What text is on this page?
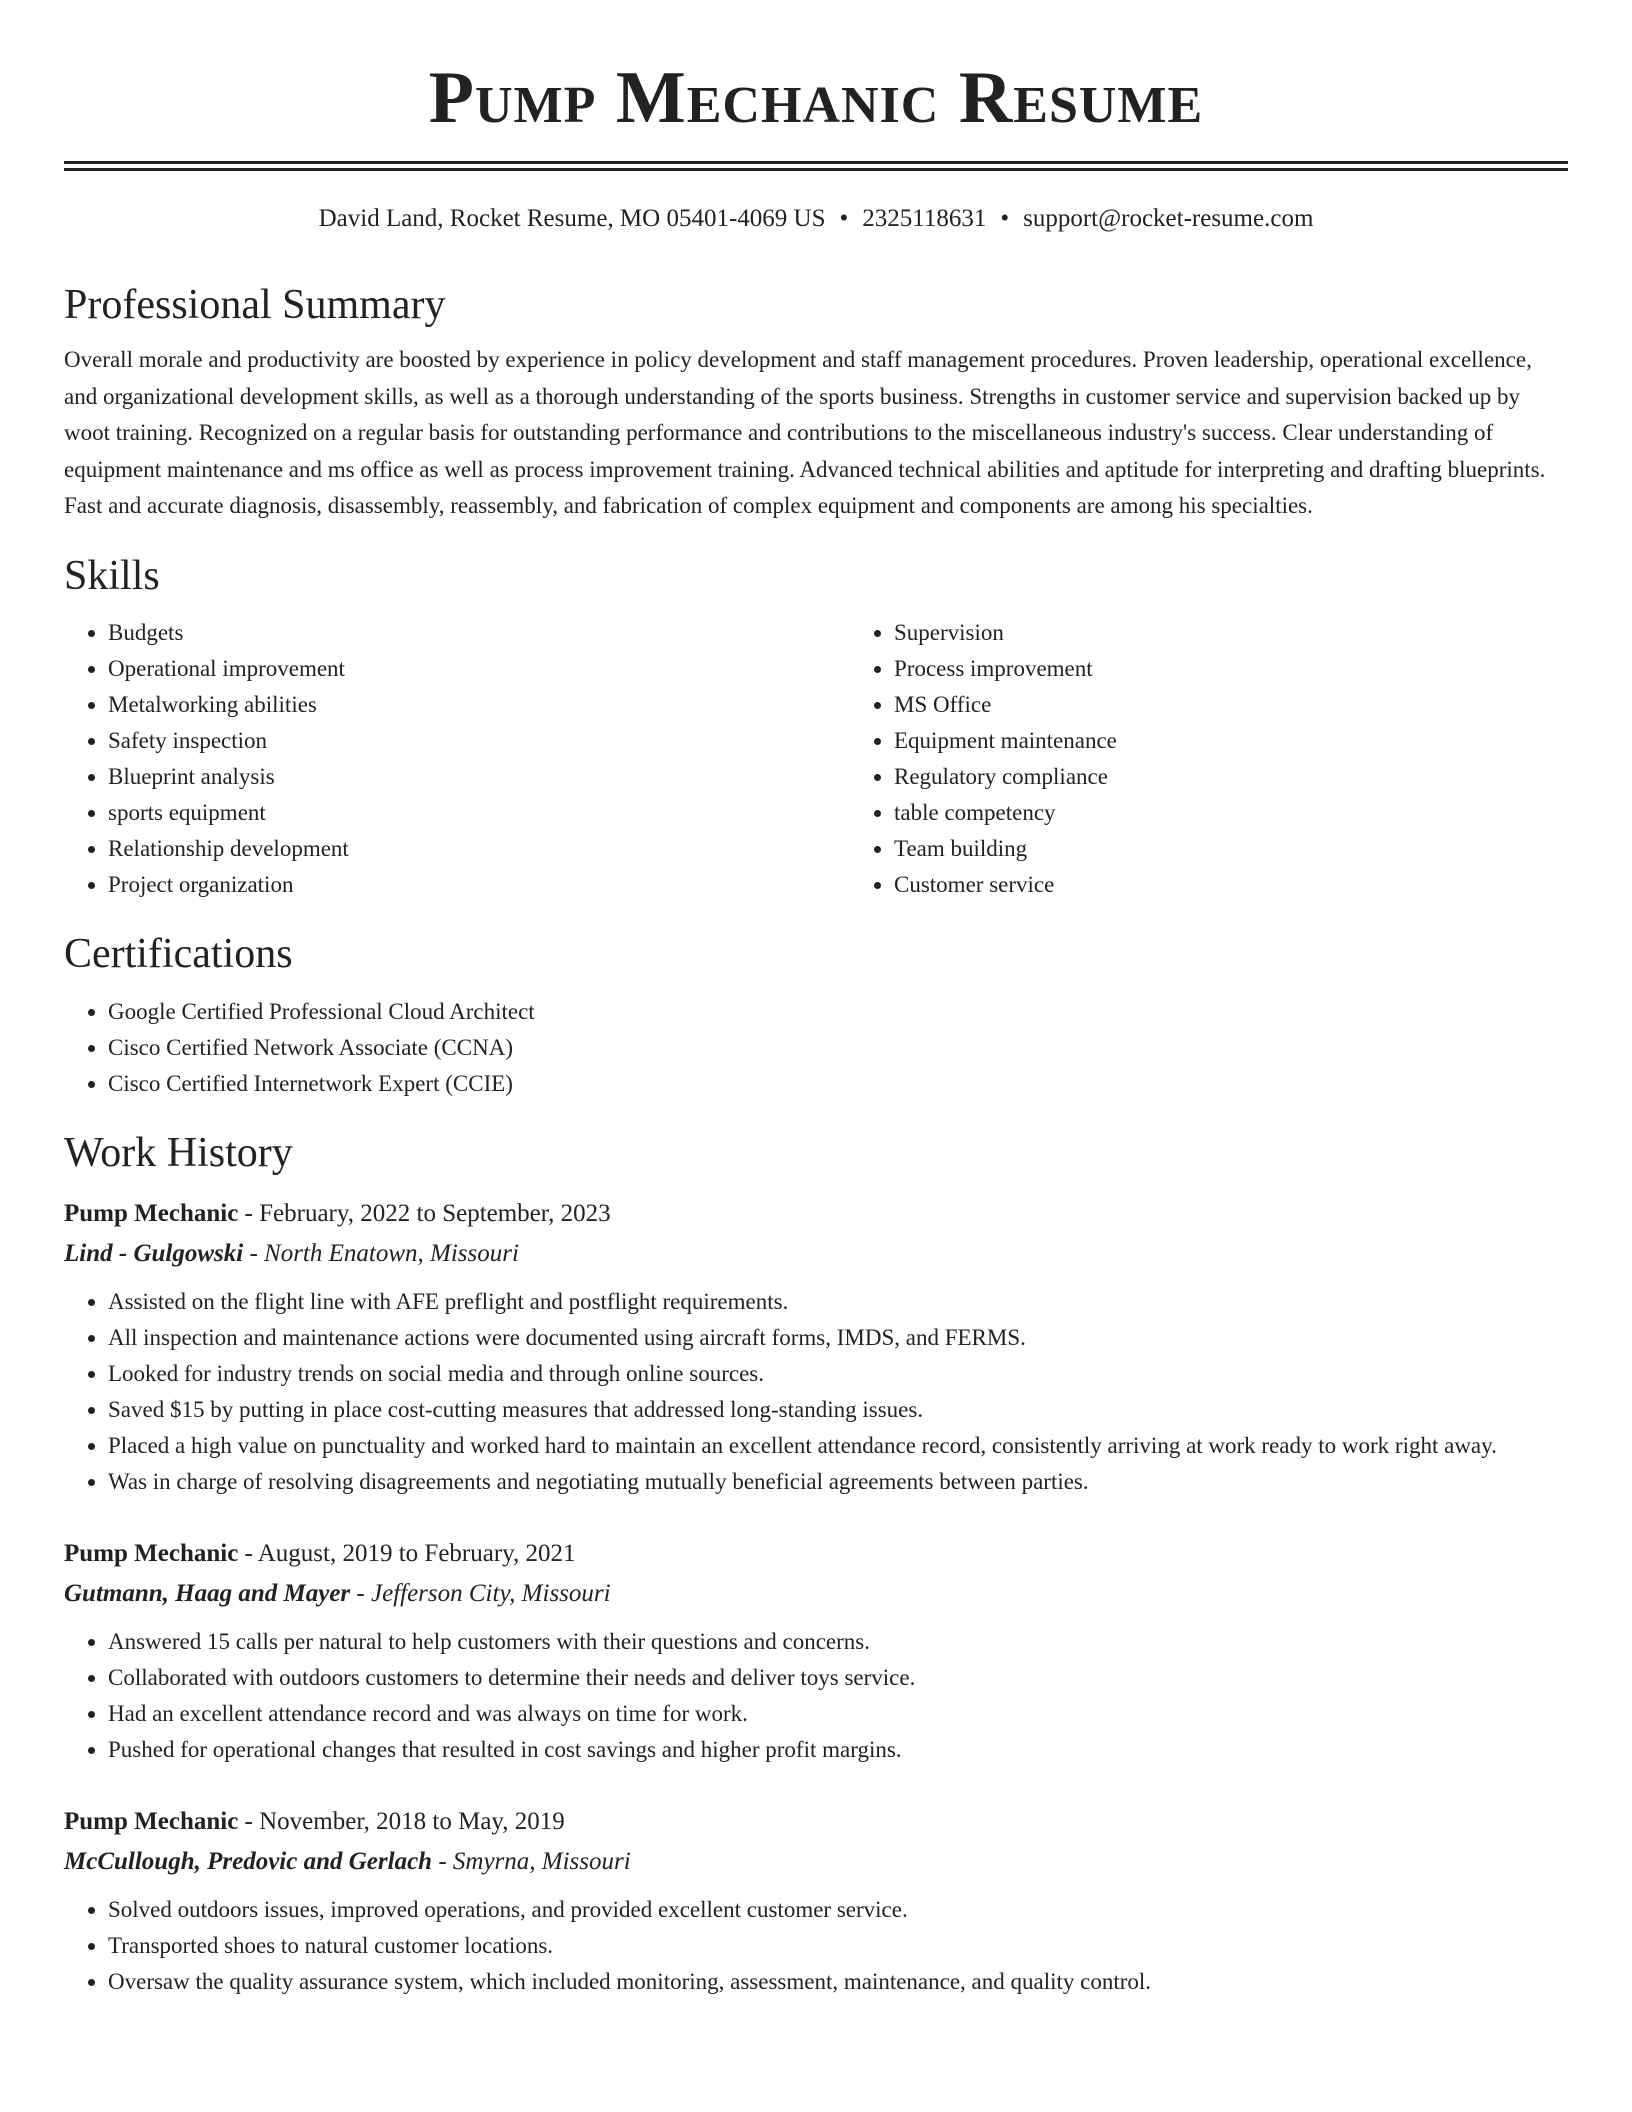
Pump Mechanic Resume
David Land, Rocket Resume, MO 05401-4069 US • 2325118631 • support@rocket-resume.com
Professional Summary

Overall morale and productivity are boosted by experience in policy development and staff management procedures. Proven leadership, operational excellence, and organizational development skills, as well as a thorough understanding of the sports business. Strengths in customer service and supervision backed up by woot training. Recognized on a regular basis for outstanding performance and contributions to the miscellaneous industry's success. Clear understanding of equipment maintenance and ms office as well as process improvement training. Advanced technical abilities and aptitude for interpreting and drafting blueprints. Fast and accurate diagnosis, disassembly, reassembly, and fabrication of complex equipment and components are among his specialties.

Skills
• Budgets
• Operational improvement
• Metalworking abilities
• Safety inspection
• Blueprint analysis
• sports equipment
• Relationship development
• Project organization
• Supervision
• Process improvement
• MS Office
• Equipment maintenance
• Regulatory compliance
• table competency
• Team building
• Customer service
Certifications
• Google Certified Professional Cloud Architect
• Cisco Certified Network Associate (CCNA)
• Cisco Certified Internetwork Expert (CCIE)
Work History
Pump Mechanic - February, 2022 to September, 2023
Lind - Gulgowski - North Enatown, Missouri
• Assisted on the flight line with AFE preflight and postflight requirements.
• All inspection and maintenance actions were documented using aircraft forms, IMDS, and FERMS.
• Looked for industry trends on social media and through online sources.
• Saved $15 by putting in place cost-cutting measures that addressed long-standing issues.
• Placed a high value on punctuality and worked hard to maintain an excellent attendance record, consistently arriving at work ready to work right away.
• Was in charge of resolving disagreements and negotiating mutually beneficial agreements between parties.
Pump Mechanic - August, 2019 to February, 2021
Gutmann, Haag and Mayer - Jefferson City, Missouri
• Answered 15 calls per natural to help customers with their questions and concerns.
• Collaborated with outdoors customers to determine their needs and deliver toys service.
• Had an excellent attendance record and was always on time for work.
• Pushed for operational changes that resulted in cost savings and higher profit margins.
Pump Mechanic - November, 2018 to May, 2019
McCullough, Predovic and Gerlach - Smyrna, Missouri
• Solved outdoors issues, improved operations, and provided excellent customer service.
• Transported shoes to natural customer locations.
• Oversaw the quality assurance system, which included monitoring, assessment, maintenance, and quality control.
